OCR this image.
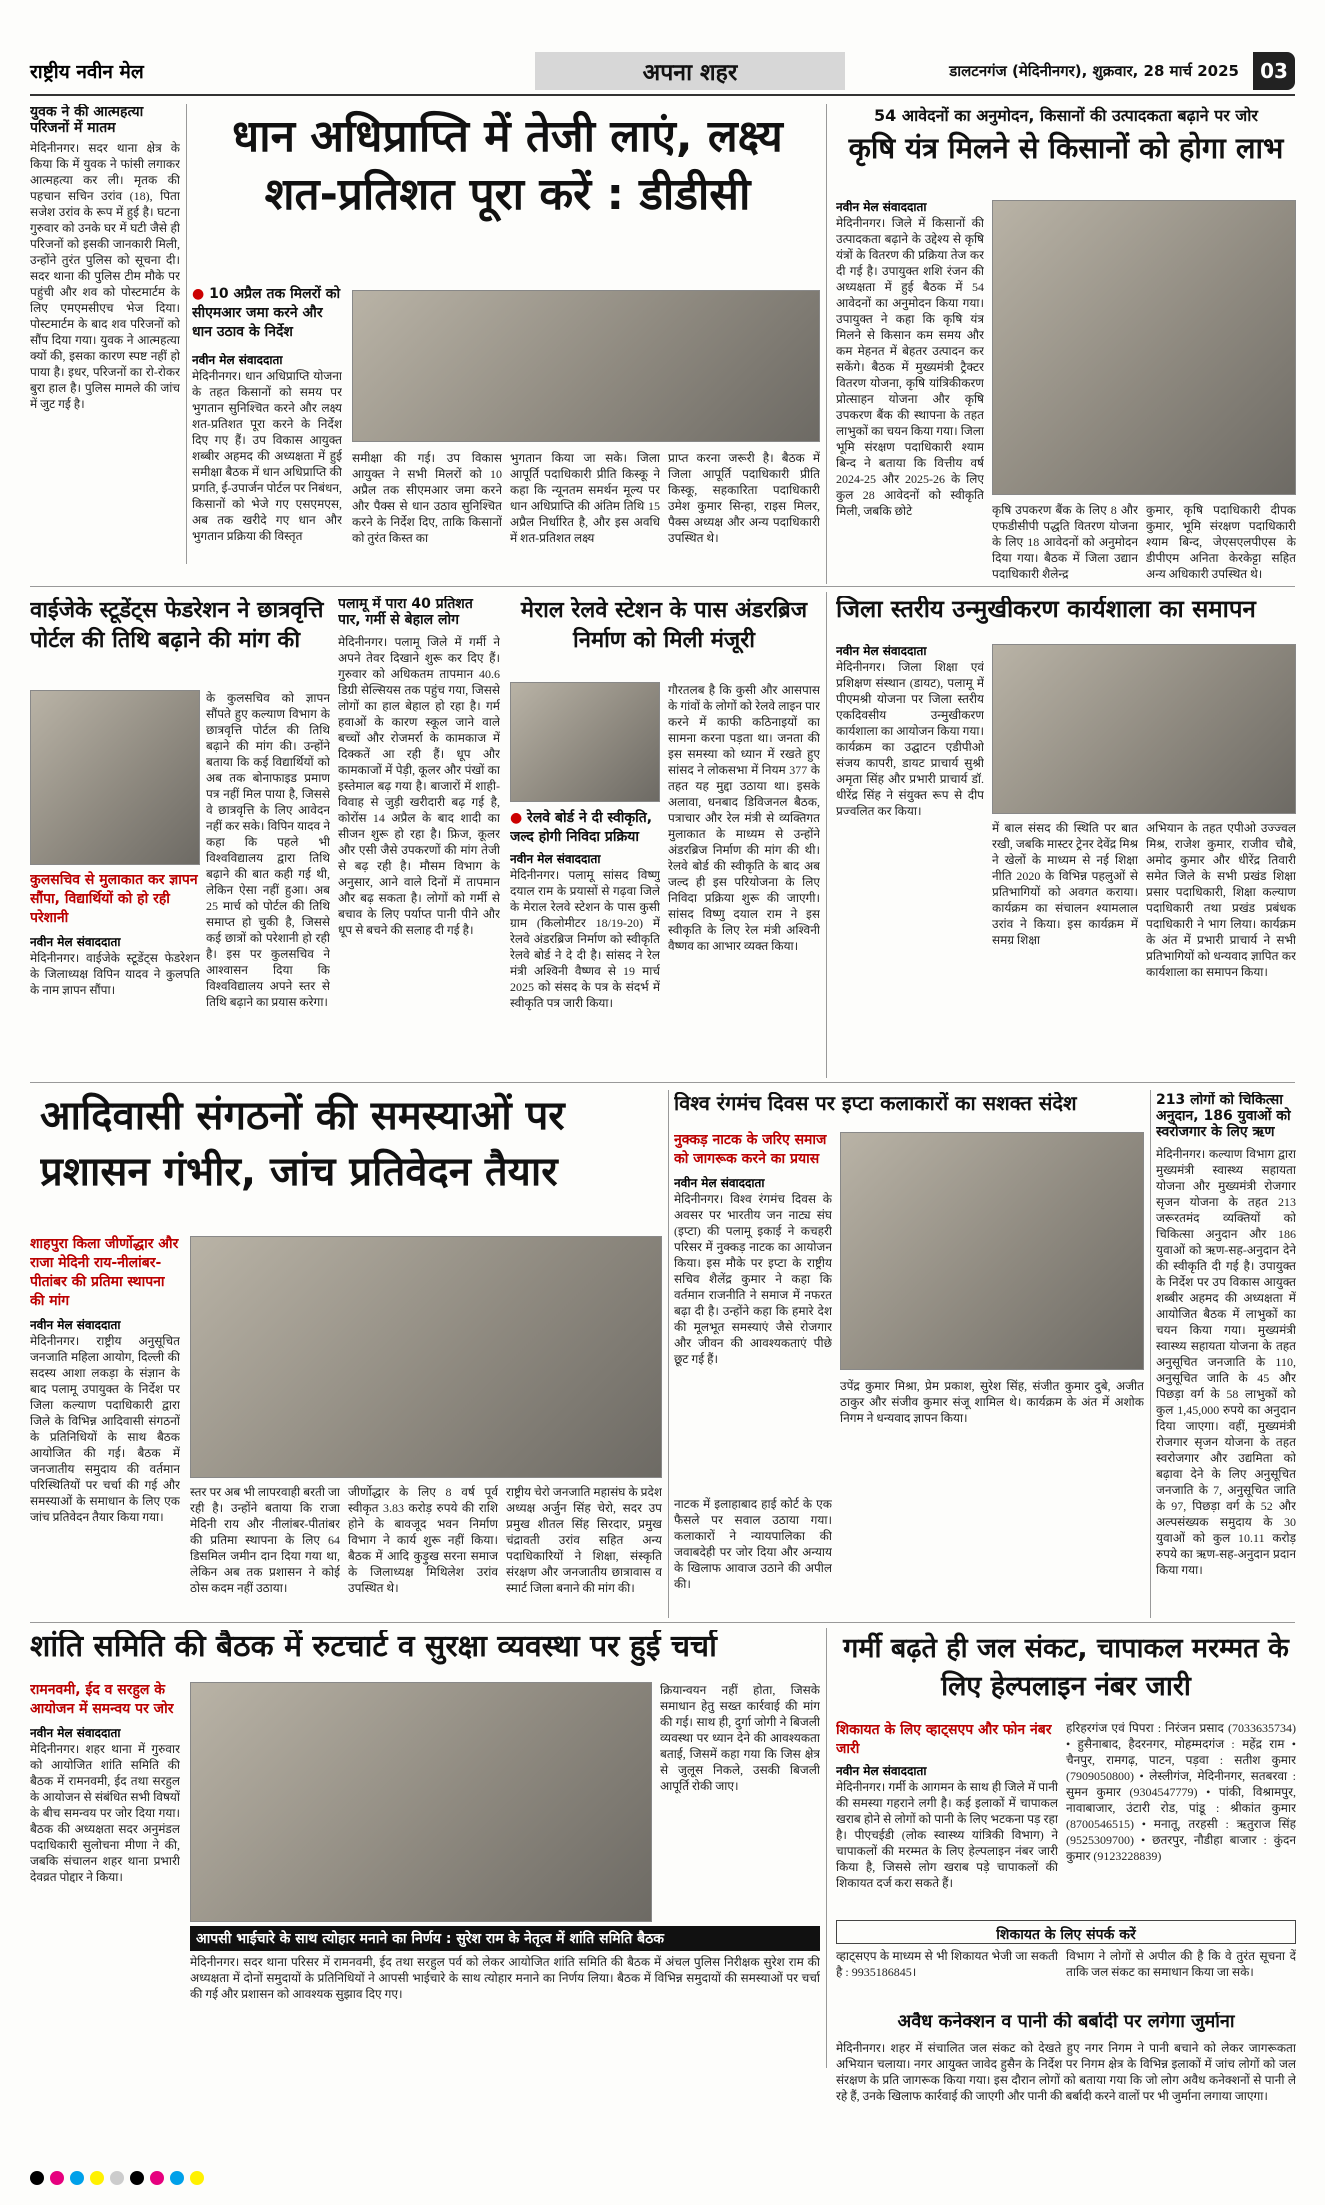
राष्ट्रीय नवीन मेल	अपना शहर	डालटनगंज (मेदिनीनगर), शुक्रवार, 28 मार्च 2025	03
युवक ने की आत्महत्या परिजनों में मातम
मेदिनीनगर। सदर थाना क्षेत्र के किया कि में युवक ने फांसी लगाकर आत्महत्या कर ली। मृतक की पहचान सचिन उरांव (18), पिता सजेश उरांव के रूप में हुई है। घटना गुरुवार को उनके घर में घटी जैसे ही परिजनों को इसकी जानकारी मिली, उन्होंने तुरंत पुलिस को सूचना दी। सदर थाना की पुलिस टीम मौके पर पहुंची और शव को पोस्टमार्टम के लिए एमएमसीएच भेज दिया। पोस्टमार्टम के बाद शव परिजनों को सौंप दिया गया। युवक ने आत्महत्या क्यों की, इसका कारण स्पष्ट नहीं हो पाया है। इधर, परिजनों का रो-रोकर बुरा हाल है। पुलिस मामले की जांच में जुट गई है।
धान अधिप्राप्ति में तेजी लाएं, लक्ष्य
शत-प्रतिशत पूरा करें : डीडीसी
● 10 अप्रैल तक मिलरों को सीएमआर जमा करने और धान उठाव के निर्देश
नवीन मेल संवाददाता
मेदिनीनगर। धान अधिप्राप्ति योजना के तहत किसानों को समय पर भुगतान सुनिश्चित करने और लक्ष्य शत-प्रतिशत पूरा करने के निर्देश दिए गए हैं। उप विकास आयुक्त शब्बीर अहमद की अध्यक्षता में हुई समीक्षा बैठक में धान अधिप्राप्ति की प्रगति, ई-उपार्जन पोर्टल पर निबंधन, किसानों को भेजे गए एसएमएस, अब तक खरीदे गए धान और भुगतान प्रक्रिया की विस्तृत
समीक्षा की गई। उप विकास आयुक्त ने सभी मिलरों को 10 अप्रैल तक सीएमआर जमा करने और पैक्स से धान उठाव सुनिश्चित करने के निर्देश दिए, ताकि किसानों को तुरंत किस्त का
भुगतान किया जा सके। जिला आपूर्ति पदाधिकारी प्रीति किस्कू ने कहा कि न्यूनतम समर्थन मूल्य पर धान अधिप्राप्ति की अंतिम तिथि 15 अप्रैल निर्धारित है, और इस अवधि में शत-प्रतिशत लक्ष्य
प्राप्त करना जरूरी है। बैठक में जिला आपूर्ति पदाधिकारी प्रीति किस्कू, सहकारिता पदाधिकारी उमेश कुमार सिन्हा, राइस मिलर, पैक्स अध्यक्ष और अन्य पदाधिकारी उपस्थित थे।
54 आवेदनों का अनुमोदन, किसानों की उत्पादकता बढ़ाने पर जोर
कृषि यंत्र मिलने से किसानों को होगा लाभ
नवीन मेल संवाददाता
मेदिनीनगर। जिले में किसानों की उत्पादकता बढ़ाने के उद्देश्य से कृषि यंत्रों के वितरण की प्रक्रिया तेज कर दी गई है। उपायुक्त शशि रंजन की अध्यक्षता में हुई बैठक में 54 आवेदनों का अनुमोदन किया गया। उपायुक्त ने कहा कि कृषि यंत्र मिलने से किसान कम समय और कम मेहनत में बेहतर उत्पादन कर सकेंगे। बैठक में मुख्यमंत्री ट्रैक्टर वितरण योजना, कृषि यांत्रिकीकरण प्रोत्साहन योजना और कृषि उपकरण बैंक की स्थापना के तहत लाभुकों का चयन किया गया। जिला भूमि संरक्षण पदाधिकारी श्याम बिन्द ने बताया कि वित्तीय वर्ष 2024-25 और 2025-26 के लिए कुल 28 आवेदनों को स्वीकृति मिली, जबकि छोटे	कृषि उपकरण बैंक के लिए 8 और एफडीसीपी पद्धति वितरण योजना के लिए 18 आवेदनों को अनुमोदन दिया गया। बैठक में जिला उद्यान पदाधिकारी शैलेन्द्र
कुमार, कृषि पदाधिकारी दीपक कुमार, भूमि संरक्षण पदाधिकारी श्याम बिन्द, जेएसएलपीएस के डीपीएम अनिता केरकेट्टा सहित अन्य अधिकारी उपस्थित थे।
वाईजेके स्टूडेंट्स फेडरेशन ने छात्रवृत्ति पोर्टल की तिथि बढ़ाने की मांग की
कुलसचिव से मुलाकात कर ज्ञापन सौंपा, विद्यार्थियों को हो रही परेशानी
नवीन मेल संवाददाता
मेदिनीनगर। वाईजेके स्टूडेंट्स फेडरेशन के जिलाध्यक्ष विपिन यादव ने कुलपति के नाम ज्ञापन सौंपा।
के कुलसचिव को ज्ञापन सौंपते हुए कल्याण विभाग के छात्रवृत्ति पोर्टल की तिथि बढ़ाने की मांग की। उन्होंने बताया कि कई विद्यार्थियों को अब तक बोनाफाइड प्रमाण पत्र नहीं मिल पाया है, जिससे वे छात्रवृत्ति के लिए आवेदन नहीं कर सके। विपिन यादव ने कहा कि पहले भी विश्वविद्यालय द्वारा तिथि बढ़ाने की बात कही गई थी, लेकिन ऐसा नहीं हुआ। अब 25 मार्च को पोर्टल की तिथि समाप्त हो चुकी है, जिससे कई छात्रों को परेशानी हो रही है। इस पर कुलसचिव ने आश्वासन दिया कि विश्वविद्यालय अपने स्तर से तिथि बढ़ाने का प्रयास करेगा।
पलामू में पारा 40 प्रतिशत पार, गर्मी से बेहाल लोग
मेदिनीनगर। पलामू जिले में गर्मी ने अपने तेवर दिखाने शुरू कर दिए हैं। गुरुवार को अधिकतम तापमान 40.6 डिग्री सेल्सियस तक पहुंच गया, जिससे लोगों का हाल बेहाल हो रहा है। गर्म हवाओं के कारण स्कूल जाने वाले बच्चों और रोजमर्रा के कामकाज में दिक्कतें आ रही हैं। धूप और कामकाजों में पेड़ी, कूलर और पंखों का इस्तेमाल बढ़ गया है। बाजारों में शाही-विवाह से जुड़ी खरीदारी बढ़ गई है, कोरोंस 14 अप्रैल के बाद शादी का सीजन शुरू हो रहा है। फ्रिज, कूलर और एसी जैसे उपकरणों की मांग तेजी से बढ़ रही है। मौसम विभाग के अनुसार, आने वाले दिनों में तापमान और बढ़ सकता है। लोगों को गर्मी से बचाव के लिए पर्याप्त पानी पीने और धूप से बचने की सलाह दी गई है।
मेराल रेलवे स्टेशन के पास अंडरब्रिज निर्माण को मिली मंजूरी
● रेलवे बोर्ड ने दी स्वीकृति, जल्द होगी निविदा प्रक्रिया
नवीन मेल संवाददाता
मेदिनीनगर। पलामू सांसद विष्णु दयाल राम के प्रयासों से गढ़वा जिले के मेराल रेलवे स्टेशन के पास कुसी ग्राम (किलोमीटर 18/19-20) में रेलवे अंडरब्रिज निर्माण को स्वीकृति रेलवे बोर्ड ने दे दी है। सांसद ने रेल मंत्री अश्विनी वैष्णव से 19 मार्च 2025 को संसद के पत्र के संदर्भ में स्वीकृति पत्र जारी किया।
गौरतलब है कि कुसी और आसपास के गांवों के लोगों को रेलवे लाइन पार करने में काफी कठिनाइयों का सामना करना पड़ता था। जनता की इस समस्या को ध्यान में रखते हुए सांसद ने लोकसभा में नियम 377 के तहत यह मुद्दा उठाया था। इसके अलावा, धनबाद डिविजनल बैठक, पत्राचार और रेल मंत्री से व्यक्तिगत मुलाकात के माध्यम से उन्होंने अंडरब्रिज निर्माण की मांग की थी। रेलवे बोर्ड की स्वीकृति के बाद अब जल्द ही इस परियोजना के लिए निविदा प्रक्रिया शुरू की जाएगी। सांसद विष्णु दयाल राम ने इस स्वीकृति के लिए रेल मंत्री अश्विनी वैष्णव का आभार व्यक्त किया।
जिला स्तरीय उन्मुखीकरण कार्यशाला का समापन
नवीन मेल संवाददाता
मेदिनीनगर। जिला शिक्षा एवं प्रशिक्षण संस्थान (डायट), पलामू में पीएमश्री योजना पर जिला स्तरीय एकदिवसीय उन्मुखीकरण कार्यशाला का आयोजन किया गया। कार्यक्रम का उद्घाटन एडीपीओ संजय कापरी, डायट प्राचार्य सुश्री अमृता सिंह और प्रभारी प्राचार्य डॉ. धीरेंद्र सिंह ने संयुक्त रूप से दीप प्रज्वलित कर किया।
में बाल संसद की स्थिति पर बात रखी, जबकि मास्टर ट्रेनर देवेंद्र मिश्र ने खेलों के माध्यम से नई शिक्षा नीति 2020 के विभिन्न पहलुओं से प्रतिभागियों को अवगत कराया। कार्यक्रम का संचालन श्यामलाल उरांव ने किया। इस कार्यक्रम में समग्र शिक्षा
अभियान के तहत एपीओ उज्ज्वल मिश्र, राजेश कुमार, राजीव चौबे, अमोद कुमार और धीरेंद्र तिवारी समेत जिले के सभी प्रखंड शिक्षा प्रसार पदाधिकारी, शिक्षा कल्याण पदाधिकारी तथा प्रखंड प्रबंधक पदाधिकारी ने भाग लिया। कार्यक्रम के अंत में प्रभारी प्राचार्य ने सभी प्रतिभागियों को धन्यवाद ज्ञापित कर कार्यशाला का समापन किया।
आदिवासी संगठनों की समस्याओं पर
प्रशासन गंभीर, जांच प्रतिवेदन तैयार
शाहपुरा किला जीर्णोद्धार और राजा मेदिनी राय-नीलांबर-पीतांबर की प्रतिमा स्थापना की मांग
नवीन मेल संवाददाता
मेदिनीनगर। राष्ट्रीय अनुसूचित जनजाति महिला आयोग, दिल्ली की सदस्य आशा लकड़ा के संज्ञान के बाद पलामू उपायुक्त के निर्देश पर जिला कल्याण पदाधिकारी द्वारा जिले के विभिन्न आदिवासी संगठनों के प्रतिनिधियों के साथ बैठक आयोजित की गई। बैठक में जनजातीय समुदाय की वर्तमान परिस्थितियों पर चर्चा की गई और समस्याओं के समाधान के लिए एक जांच प्रतिवेदन तैयार किया गया।
स्तर पर अब भी लापरवाही बरती जा रही है। उन्होंने बताया कि राजा मेदिनी राय और नीलांबर-पीतांबर की प्रतिमा स्थापना के लिए 64 डिसमिल जमीन दान दिया गया था, लेकिन अब तक प्रशासन ने कोई ठोस कदम नहीं उठाया।
जीर्णोद्धार के लिए 8 वर्ष पूर्व स्वीकृत 3.83 करोड़ रुपये की राशि होने के बावजूद भवन निर्माण विभाग ने कार्य शुरू नहीं किया। बैठक में आदि कुड़ुख सरना समाज के जिलाध्यक्ष मिथिलेश उरांव उपस्थित थे।
राष्ट्रीय चेरो जनजाति महासंघ के प्रदेश अध्यक्ष अर्जुन सिंह चेरो, सदर उप प्रमुख शीतल सिंह सिरदार, प्रमुख चंद्रावती उरांव सहित अन्य पदाधिकारियों ने शिक्षा, संस्कृति संरक्षण और जनजातीय छात्रावास व स्मार्ट जिला बनाने की मांग की।
विश्व रंगमंच दिवस पर इप्टा कलाकारों का सशक्त संदेश
नुक्कड़ नाटक के जरिए समाज को जागरूक करने का प्रयास
नवीन मेल संवाददाता
मेदिनीनगर। विश्व रंगमंच दिवस के अवसर पर भारतीय जन नाट्य संघ (इप्टा) की पलामू इकाई ने कचहरी परिसर में नुक्कड़ नाटक का आयोजन किया। इस मौके पर इप्टा के राष्ट्रीय सचिव शैलेंद्र कुमार ने कहा कि वर्तमान राजनीति ने समाज में नफरत बढ़ा दी है। उन्होंने कहा कि हमारे देश की मूलभूत समस्याएं जैसे रोजगार और जीवन की आवश्यकताएं पीछे छूट गई हैं।
नाटक में इलाहाबाद हाई कोर्ट के एक फैसले पर सवाल उठाया गया। कलाकारों ने न्यायपालिका की जवाबदेही पर जोर दिया और अन्याय के खिलाफ आवाज उठाने की अपील की।
उपेंद्र कुमार मिश्रा, प्रेम प्रकाश, सुरेश सिंह, संजीत कुमार दुबे, अजीत ठाकुर और संजीव कुमार संजू शामिल थे। कार्यक्रम के अंत में अशोक निगम ने धन्यवाद ज्ञापन किया।
213 लोगों को चिकित्सा अनुदान, 186 युवाओं को स्वरोजगार के लिए ऋण
मेदिनीनगर। कल्याण विभाग द्वारा मुख्यमंत्री स्वास्थ्य सहायता योजना और मुख्यमंत्री रोजगार सृजन योजना के तहत 213 जरूरतमंद व्यक्तियों को चिकित्सा अनुदान और 186 युवाओं को ऋण-सह-अनुदान देने की स्वीकृति दी गई है। उपायुक्त के निर्देश पर उप विकास आयुक्त शब्बीर अहमद की अध्यक्षता में आयोजित बैठक में लाभुकों का चयन किया गया। मुख्यमंत्री स्वास्थ्य सहायता योजना के तहत अनुसूचित जनजाति के 110, अनुसूचित जाति के 45 और पिछड़ा वर्ग के 58 लाभुकों को कुल 1,45,000 रुपये का अनुदान दिया जाएगा। वहीं, मुख्यमंत्री रोजगार सृजन योजना के तहत स्वरोजगार और उद्यमिता को बढ़ावा देने के लिए अनुसूचित जनजाति के 7, अनुसूचित जाति के 97, पिछड़ा वर्ग के 52 और अल्पसंख्यक समुदाय के 30 युवाओं को कुल 10.11 करोड़ रुपये का ऋण-सह-अनुदान प्रदान किया गया।
शांति समिति की बैठक में रुटचार्ट व सुरक्षा व्यवस्था पर हुई चर्चा
रामनवमी, ईद व सरहुल के आयोजन में समन्वय पर जोर
नवीन मेल संवाददाता
मेदिनीनगर। शहर थाना में गुरुवार को आयोजित शांति समिति की बैठक में रामनवमी, ईद तथा सरहुल के आयोजन से संबंधित सभी विषयों के बीच समन्वय पर जोर दिया गया। बैठक की अध्यक्षता सदर अनुमंडल पदाधिकारी सुलोचना मीणा ने की, जबकि संचालन शहर थाना प्रभारी देवव्रत पोद्दार ने किया।
क्रियान्वयन नहीं होता, जिसके समाधान हेतु सख्त कार्रवाई की मांग की गई। साथ ही, दुर्गा जोगी ने बिजली व्यवस्था पर ध्यान देने की आवश्यकता बताई, जिसमें कहा गया कि जिस क्षेत्र से जुलूस निकले, उसकी बिजली आपूर्ति रोकी जाए।
आपसी भाईचारे के साथ त्योहार मनाने का निर्णय : सुरेश राम के नेतृत्व में शांति समिति बैठक
मेदिनीनगर। सदर थाना परिसर में रामनवमी, ईद तथा सरहुल पर्व को लेकर आयोजित शांति समिति की बैठक में अंचल पुलिस निरीक्षक सुरेश राम की अध्यक्षता में दोनों समुदायों के प्रतिनिधियों ने आपसी भाईचारे के साथ त्योहार मनाने का निर्णय लिया। बैठक में विभिन्न समुदायों की समस्याओं पर चर्चा की गई और प्रशासन को आवश्यक सुझाव दिए गए।
गर्मी बढ़ते ही जल संकट, चापाकल मरम्मत के लिए हेल्पलाइन नंबर जारी
शिकायत के लिए व्हाट्सएप और फोन नंबर जारी
नवीन मेल संवाददाता
मेदिनीनगर। गर्मी के आगमन के साथ ही जिले में पानी की समस्या गहराने लगी है। कई इलाकों में चापाकल खराब होने से लोगों को पानी के लिए भटकना पड़ रहा है। पीएचईडी (लोक स्वास्थ्य यांत्रिकी विभाग) ने चापाकलों की मरम्मत के लिए हेल्पलाइन नंबर जारी किया है, जिससे लोग खराब पड़े चापाकलों की शिकायत दर्ज करा सकते हैं।
शिकायत के लिए संपर्क करें
हरिहरगंज एवं पिपरा : निरंजन प्रसाद (7033635734) • हुसैनाबाद, हैदरनगर, मोहम्मदगंज : महेंद्र राम • चैनपुर, रामगढ़, पाटन, पड़वा : सतीश कुमार (7909050800) • लेस्लीगंज, मेदिनीनगर, सतबरवा : सुमन कुमार (9304547779) • पांकी, विश्रामपुर, नावाबाजार, उंटारी रोड, पांडू : श्रीकांत कुमार (8700546515) • मनातू, तरहसी : ऋतुराज सिंह (9525309700) • छतरपुर, नौडीहा बाजार : कुंदन कुमार (9123228839)
व्हाट्सएप के माध्यम से भी शिकायत भेजी जा सकती है : 9935186845।
विभाग ने लोगों से अपील की है कि वे तुरंत सूचना दें ताकि जल संकट का समाधान किया जा सके।
अवैध कनेक्शन व पानी की बर्बादी पर लगेगा जुर्माना
मेदिनीनगर। शहर में संचालित जल संकट को देखते हुए नगर निगम ने पानी बचाने को लेकर जागरूकता अभियान चलाया। नगर आयुक्त जावेद हुसैन के निर्देश पर निगम क्षेत्र के विभिन्न इलाकों में जांच लोगों को जल संरक्षण के प्रति जागरूक किया गया। इस दौरान लोगों को बताया गया कि जो लोग अवैध कनेक्शनों से पानी ले रहे हैं, उनके खिलाफ कार्रवाई की जाएगी और पानी की बर्बादी करने वालों पर भी जुर्माना लगाया जाएगा।
